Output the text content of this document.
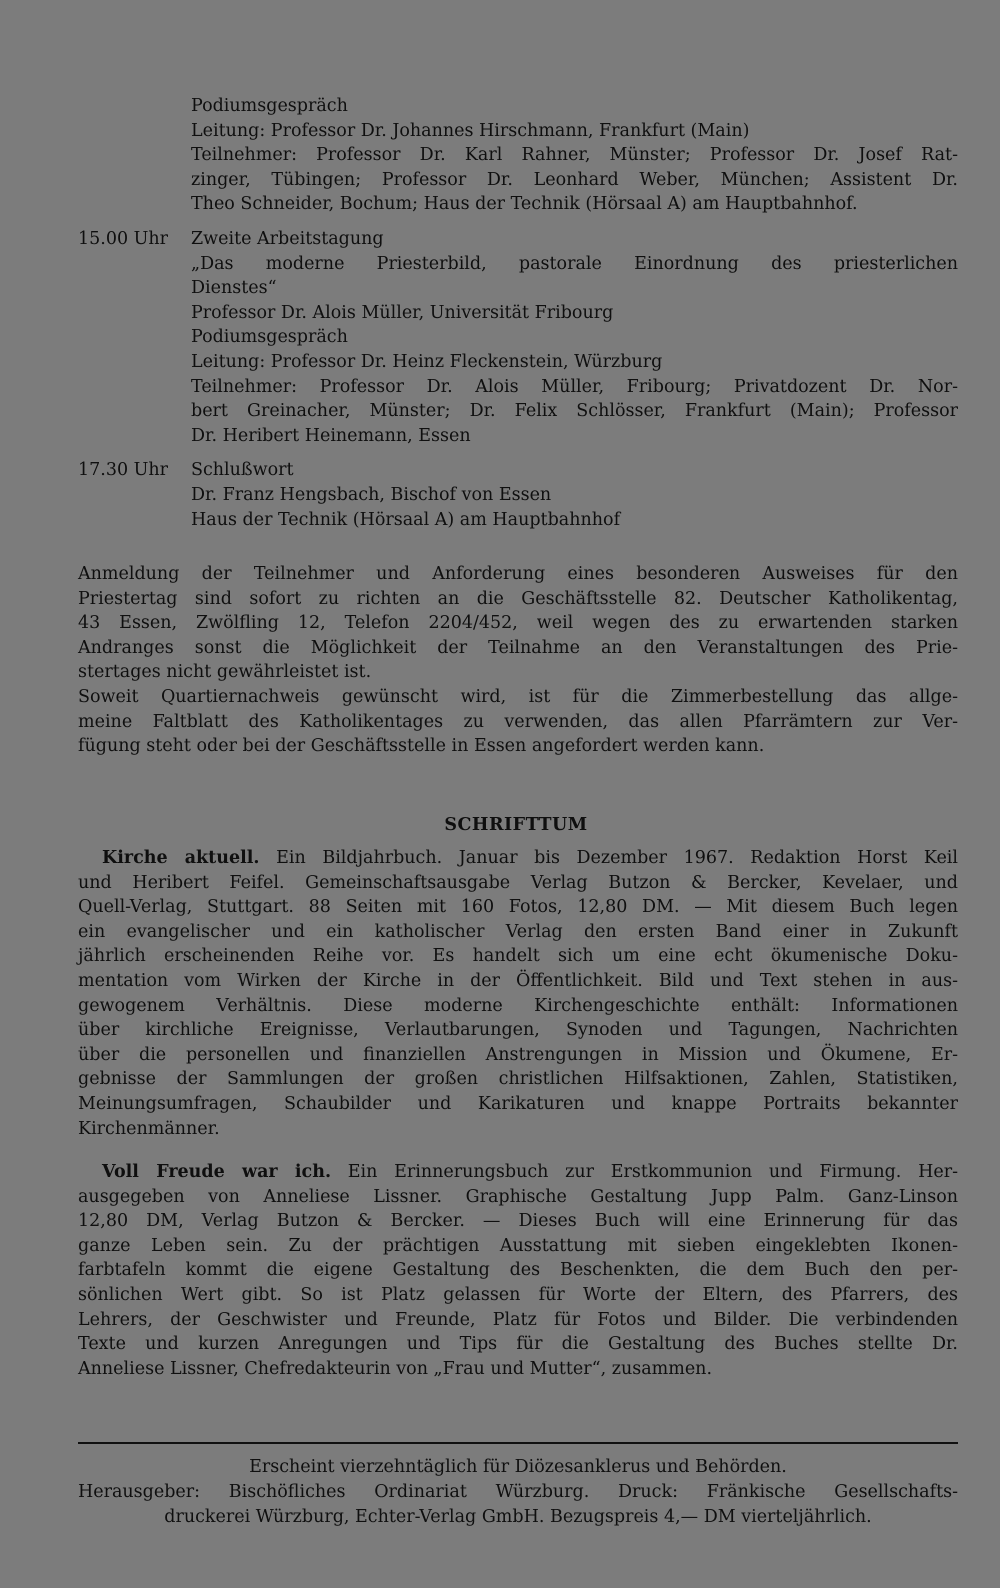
Podiumsgespräch
Leitung: Professor Dr. Johannes Hirschmann, Frankfurt (Main)
Teilnehmer: Professor Dr. Karl Rahner, Münster; Professor Dr. Josef Rat-
zinger, Tübingen; Professor Dr. Leonhard Weber, München; Assistent Dr.
Theo Schneider, Bochum; Haus der Technik (Hörsaal A) am Hauptbahnhof.
15.00 Uhr	Zweite Arbeitstagung
„Das moderne Priesterbild, pastorale Einordnung des priesterlichen
Dienstes“
Professor Dr. Alois Müller, Universität Fribourg
Podiumsgespräch
Leitung: Professor Dr. Heinz Fleckenstein, Würzburg
Teilnehmer: Professor Dr. Alois Müller, Fribourg; Privatdozent Dr. Nor-
bert Greinacher, Münster; Dr. Felix Schlösser, Frankfurt (Main); Professor
Dr. Heribert Heinemann, Essen
17.30 Uhr	Schlußwort
Dr. Franz Hengsbach, Bischof von Essen
Haus der Technik (Hörsaal A) am Hauptbahnhof
Anmeldung der Teilnehmer und Anforderung eines besonderen Ausweises für den
Priestertag sind sofort zu richten an die Geschäftsstelle 82. Deutscher Katholikentag,
43 Essen, Zwölfling 12, Telefon 2204/452, weil wegen des zu erwartenden starken
Andranges sonst die Möglichkeit der Teilnahme an den Veranstaltungen des Prie-
stertages nicht gewährleistet ist.
Soweit Quartiernachweis gewünscht wird, ist für die Zimmerbestellung das allge-
meine Faltblatt des Katholikentages zu verwenden, das allen Pfarrämtern zur Ver-
fügung steht oder bei der Geschäftsstelle in Essen angefordert werden kann.
SCHRIFTTUM
Kirche aktuell. Ein Bildjahrbuch. Januar bis Dezember 1967. Redaktion Horst Keil
und Heribert Feifel. Gemeinschaftsausgabe Verlag Butzon & Bercker, Kevelaer, und
Quell-Verlag, Stuttgart. 88 Seiten mit 160 Fotos, 12,80 DM. — Mit diesem Buch legen
ein evangelischer und ein katholischer Verlag den ersten Band einer in Zukunft
jährlich erscheinenden Reihe vor. Es handelt sich um eine echt ökumenische Doku-
mentation vom Wirken der Kirche in der Öffentlichkeit. Bild und Text stehen in aus-
gewogenem Verhältnis. Diese moderne Kirchengeschichte enthält: Informationen
über kirchliche Ereignisse, Verlautbarungen, Synoden und Tagungen, Nachrichten
über die personellen und finanziellen Anstrengungen in Mission und Ökumene, Er-
gebnisse der Sammlungen der großen christlichen Hilfsaktionen, Zahlen, Statistiken,
Meinungsumfragen, Schaubilder und Karikaturen und knappe Portraits bekannter
Kirchenmänner.
Voll Freude war ich. Ein Erinnerungsbuch zur Erstkommunion und Firmung. Her-
ausgegeben von Anneliese Lissner. Graphische Gestaltung Jupp Palm. Ganz-Linson
12,80 DM, Verlag Butzon & Bercker. — Dieses Buch will eine Erinnerung für das
ganze Leben sein. Zu der prächtigen Ausstattung mit sieben eingeklebten Ikonen-
farbtafeln kommt die eigene Gestaltung des Beschenkten, die dem Buch den per-
sönlichen Wert gibt. So ist Platz gelassen für Worte der Eltern, des Pfarrers, des
Lehrers, der Geschwister und Freunde, Platz für Fotos und Bilder. Die verbindenden
Texte und kurzen Anregungen und Tips für die Gestaltung des Buches stellte Dr.
Anneliese Lissner, Chefredakteurin von „Frau und Mutter“, zusammen.
Erscheint vierzehntäglich für Diözesanklerus und Behörden.
Herausgeber: Bischöfliches Ordinariat Würzburg. Druck: Fränkische Gesellschafts-
druckerei Würzburg, Echter-Verlag GmbH. Bezugspreis 4,— DM vierteljährlich.
